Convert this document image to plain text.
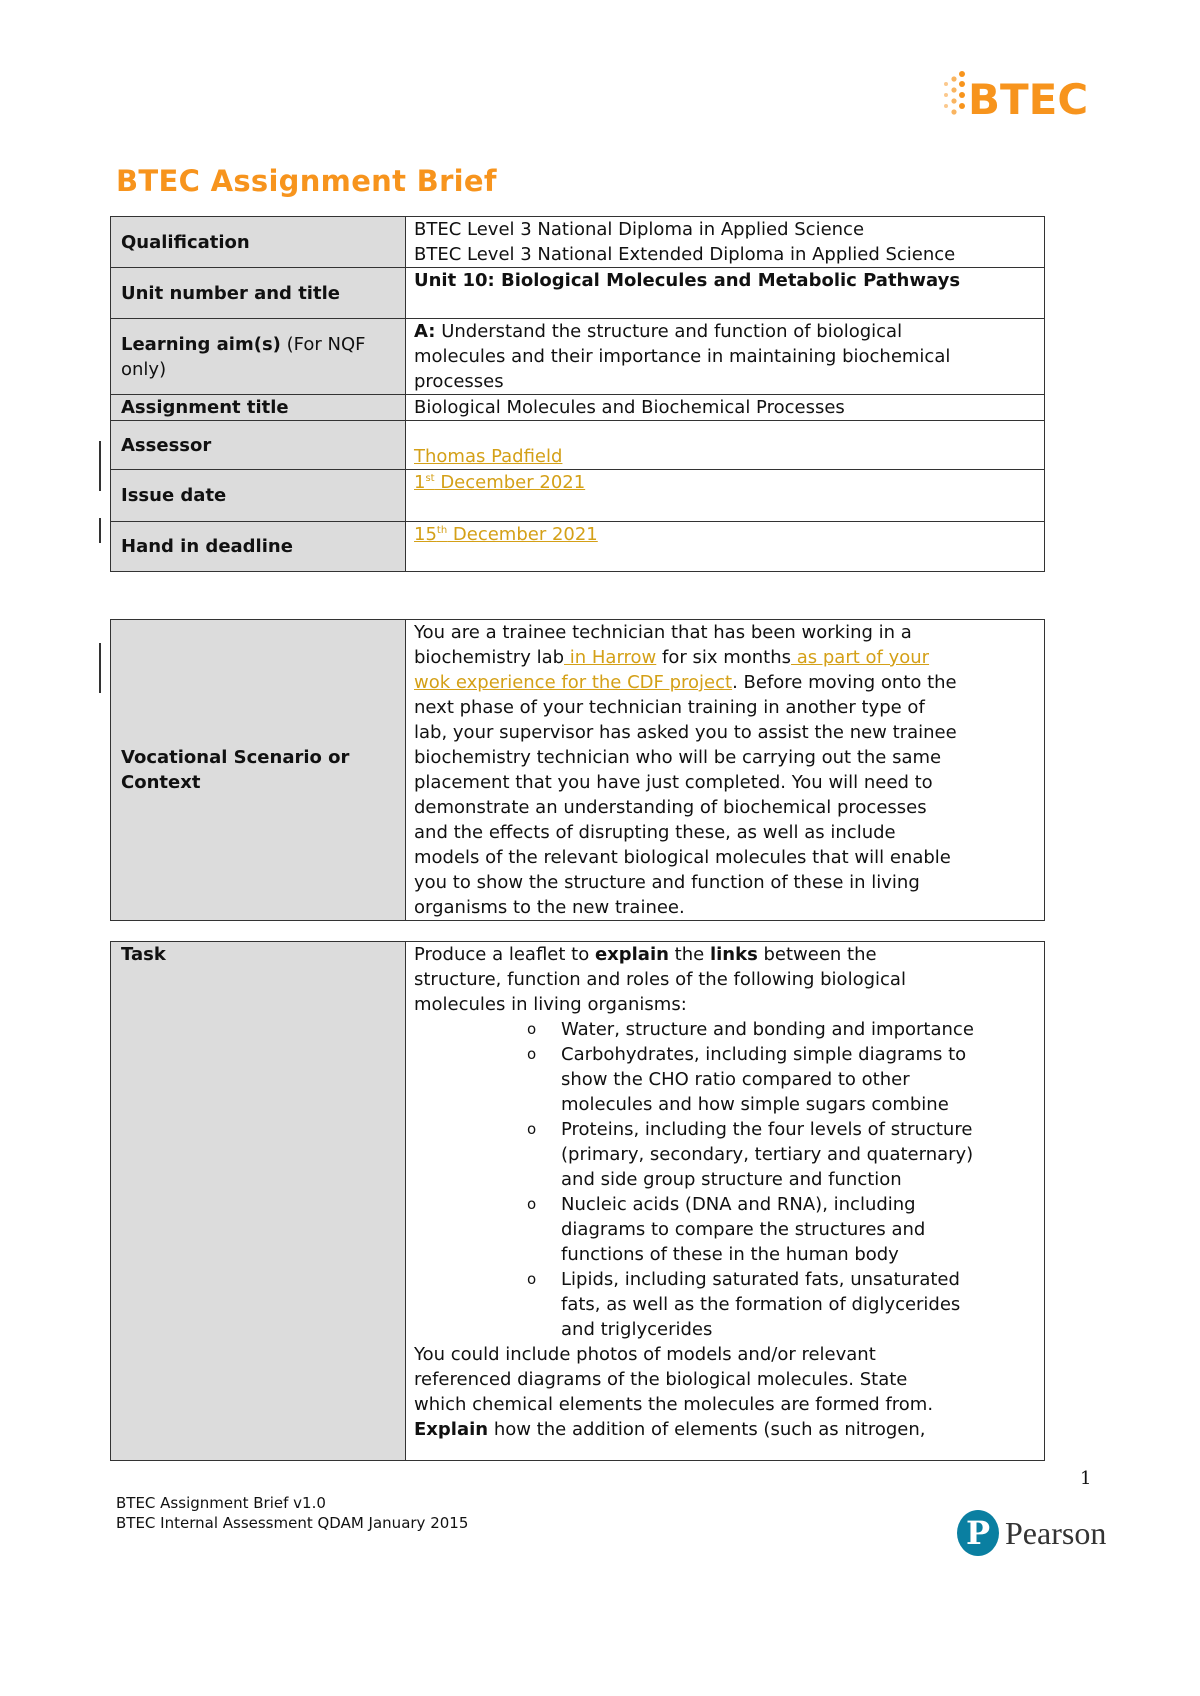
BTEC
BTEC Assignment Brief
Qualification	BTEC Level 3 National Diploma in Applied Science
BTEC Level 3 National Extended Diploma in Applied Science

Unit number and title	Unit 10: Biological Molecules and Metabolic Pathways
Learning aim(s) (For NQF only)	A: Understand the structure and function of biological
molecules and their importance in maintaining biochemical
processes

Assignment title	Biological Molecules and Biochemical Processes
Assessor	Thomas Padfield
Issue date	1st December 2021
Hand in deadline	15th December 2021
Vocational Scenario or Context	
You are a trainee technician that has been working in a
biochemistry lab in Harrow for six months as part of your
wok experience for the CDF project. Before moving onto the
next phase of your technician training in another type of
lab, your supervisor has asked you to assist the new trainee
biochemistry technician who will be carrying out the same
placement that you have just completed. You will need to
demonstrate an understanding of biochemical processes
and the effects of disrupting these, as well as include
models of the relevant biological molecules that will enable
you to show the structure and function of these in living
organisms to the new trainee.
Task	Produce a leaflet to explain the links between the
structure, function and roles of the following biological
molecules in living organisms:
o Water, structure and bonding and importance
o Carbohydrates, including simple diagrams to
show the CHO ratio compared to other
molecules and how simple sugars combine
o Proteins, including the four levels of structure
(primary, secondary, tertiary and quaternary)
and side group structure and function
o Nucleic acids (DNA and RNA), including
diagrams to compare the structures and
functions of these in the human body
o Lipids, including saturated fats, unsaturated
fats, as well as the formation of diglycerides
and triglycerides
You could include photos of models and/or relevant
referenced diagrams of the biological molecules. State
which chemical elements the molecules are formed from.
Explain how the addition of elements (such as nitrogen,
1
BTEC Assignment Brief v1.0
BTEC Internal Assessment QDAM January 2015	P Pearson
